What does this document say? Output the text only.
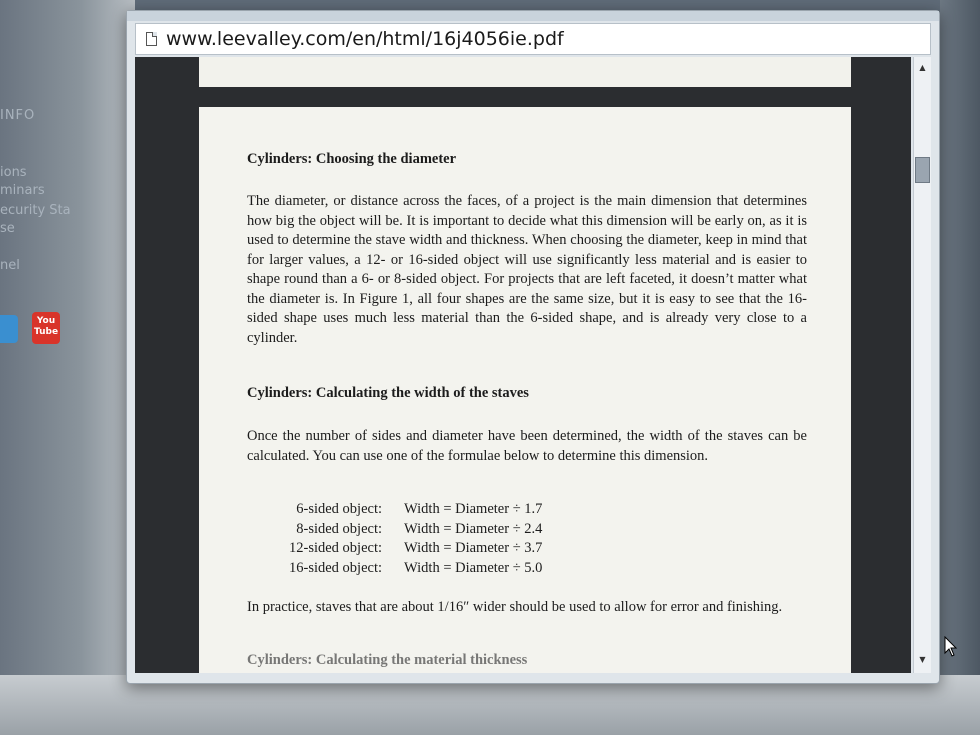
INFO
ions
minars
ecurity Sta
se
nel
You Tube
www.leevalley.com/en/html/16j4056ie.pdf
Cylinders: Choosing the diameter

The diameter, or distance across the faces, of a project is the main dimension that determines how big the object will be. It is important to decide what this dimension will be early on, as it is used to determine the stave width and thickness. When choosing the diameter, keep in mind that for larger values, a 12- or 16-sided object will use significantly less material and is easier to shape round than a 6- or 8-sided object. For projects that are left faceted, it doesn’t matter what the diameter is. In Figure 1, all four shapes are the same size, but it is easy to see that the 16-sided shape uses much less material than the 6-sided shape, and is already very close to a cylinder.

Cylinders: Calculating the width of the staves

Once the number of sides and diameter have been determined, the width of the staves can be calculated. You can use one of the formulae below to determine this dimension.

6-sided object:	Width = Diameter ÷ 1.7
8-sided object:	Width = Diameter ÷ 2.4
12-sided object:	Width = Diameter ÷ 3.7
16-sided object:	Width = Diameter ÷ 5.0

In practice, staves that are about 1/16″ wider should be used to allow for error and finishing.

Cylinders: Calculating the material thickness
▲
▼
